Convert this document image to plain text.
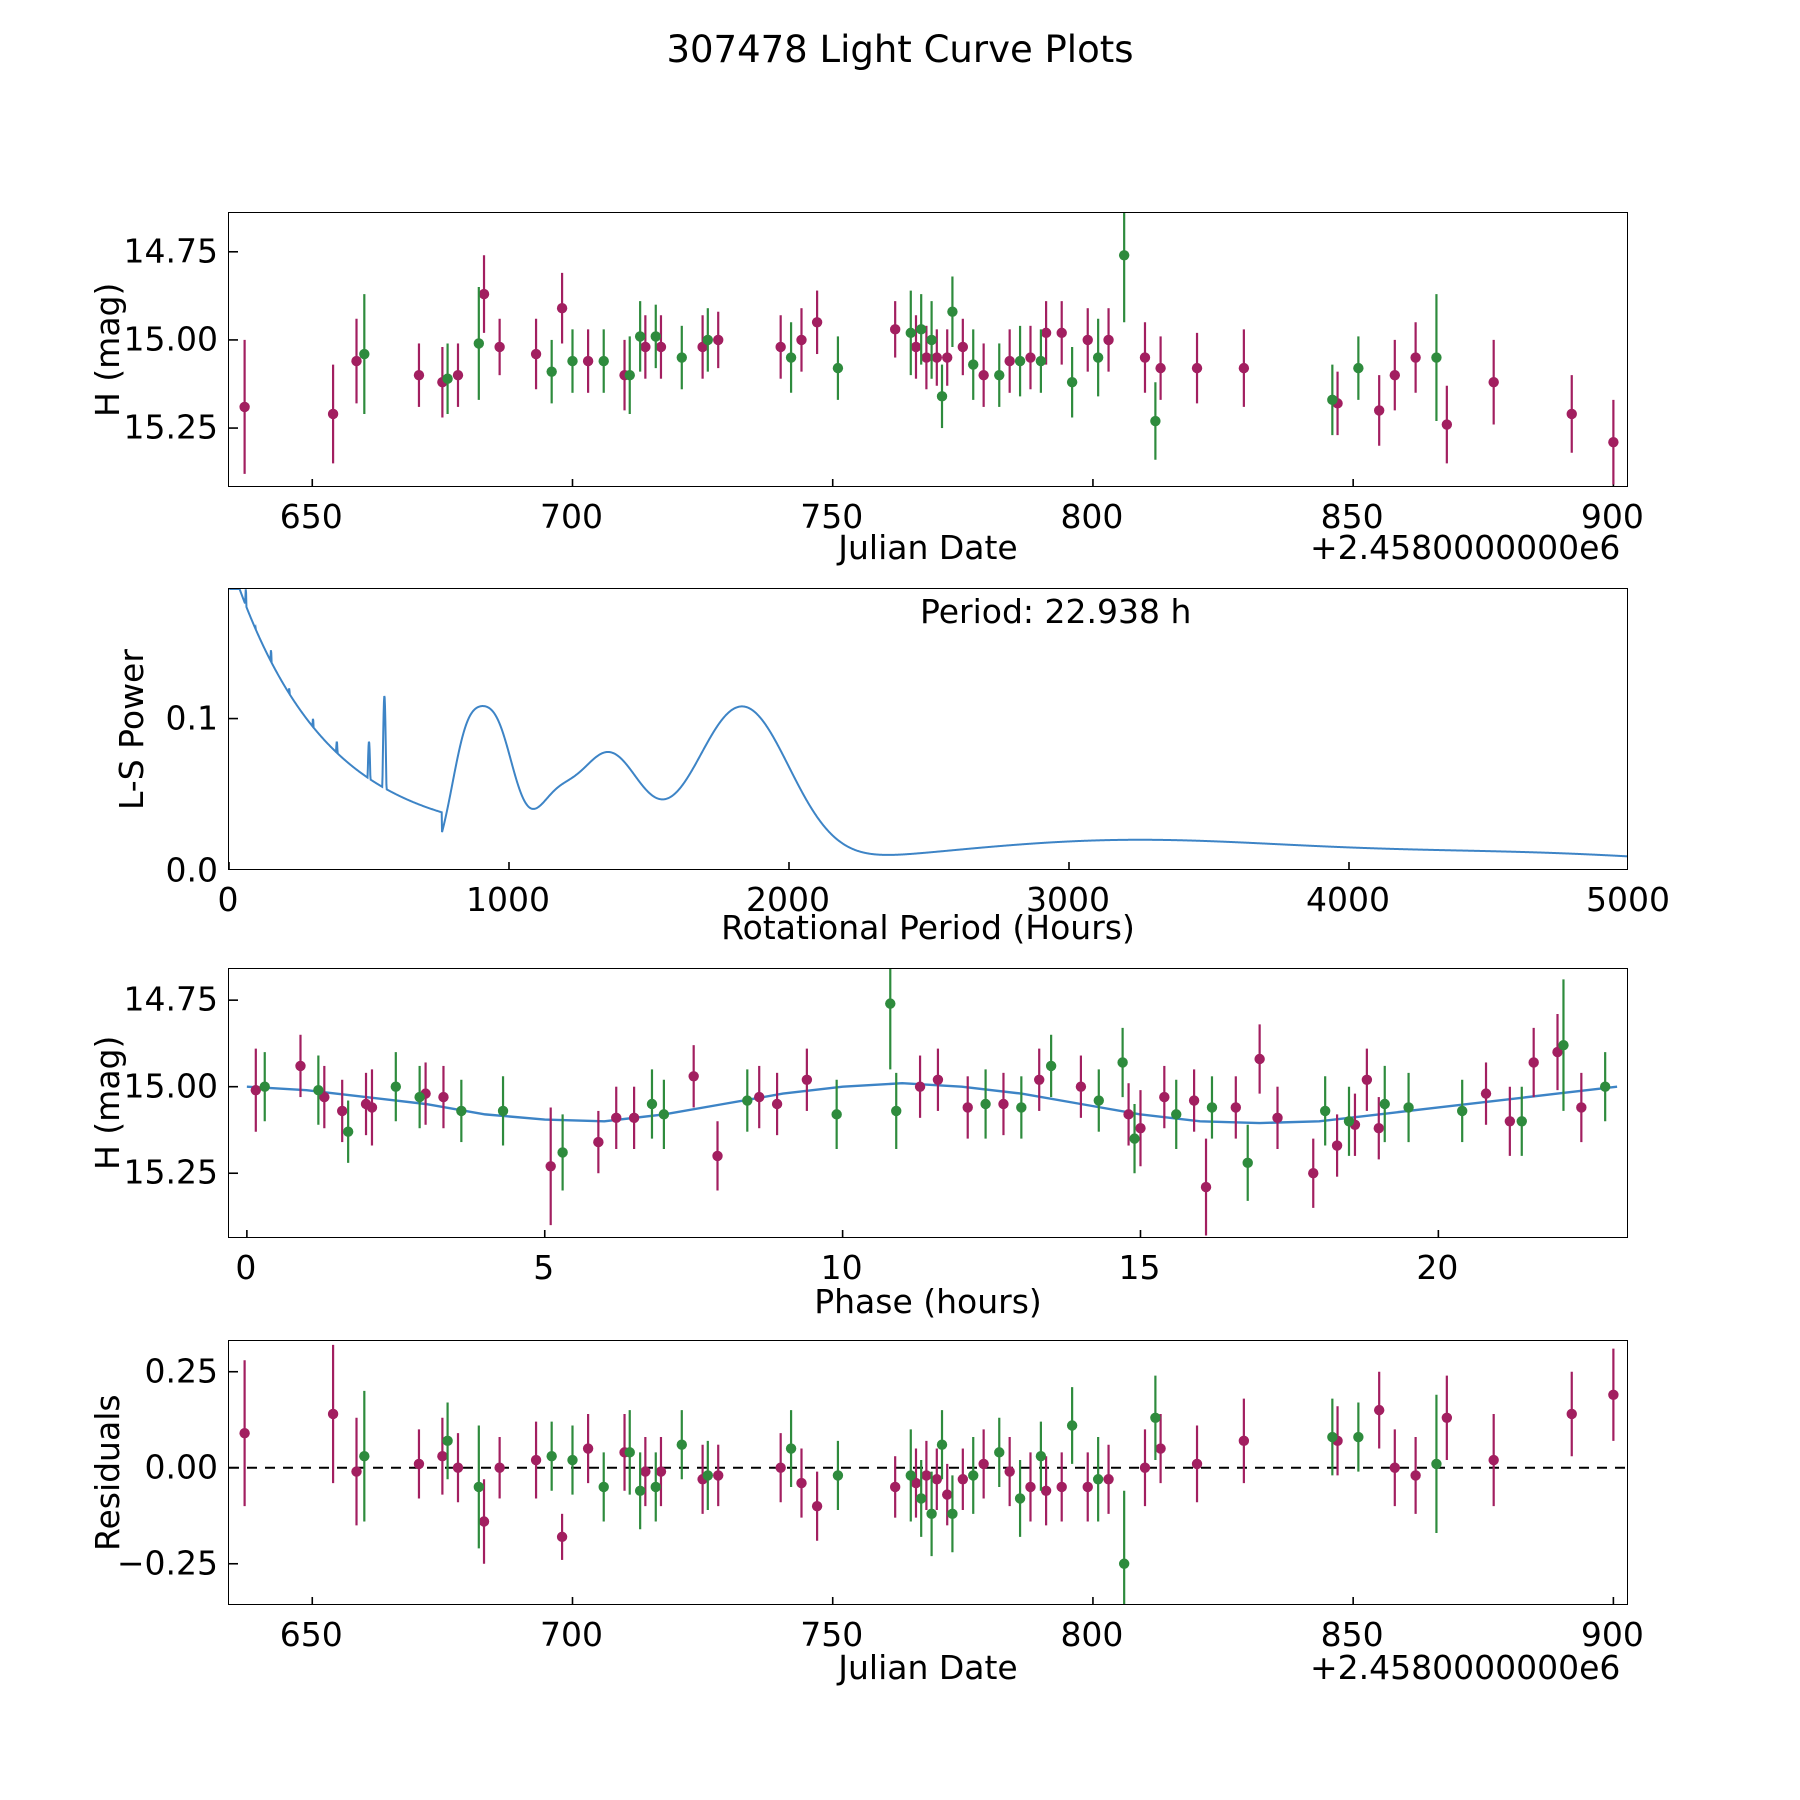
307478 Light Curve Plots
H (mag)
Julian Date	+2.4580000000e6
L-S Power
Rotational Period (Hours)
Period: 22.938 h
H (mag)
Phase (hours)
Residuals
Julian Date	+2.4580000000e6
650	700	750	800	850	900
14.75
15.00
15.25
0	1000	2000	3000	4000	5000
0.0
0.1
0	5	10	15	20
14.75
15.00
15.25
650	700	750	800	850	900
−0.25
0.00
0.25
